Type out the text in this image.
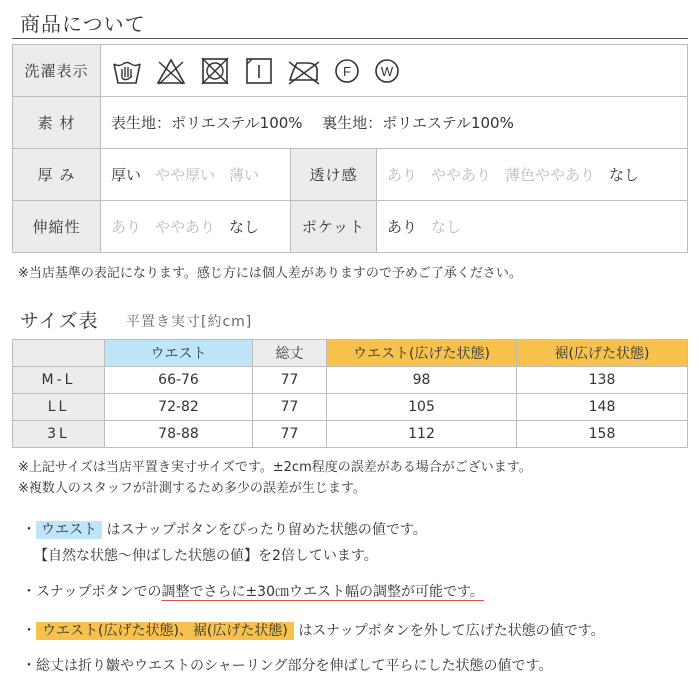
商品について
洗濯表示	F W		

素 材	表生地：ポリエステル100%　 裏生地：ポリエステル100%		
厚 み	厚い やや厚い 薄い	透け感	あり ややあり 薄色ややあり なし
伸縮性	あり ややあり なし	ポケット	あり なし
※当店基準の表記になります。感じ方には個人差がありますので予めご了承ください。
サイズ表 平置き実寸[約cm]
	ウエスト	総丈	ウエスト(広げた状態)	裾(広げた状態)
M-L	66-76	77	98	138
LL	72-82	77	105	148
3L	78-88	77	112	158
※上記サイズは当店平置き実寸サイズです。±2cm程度の誤差がある場合がございます。
※複数人のスタッフが計測するため多少の誤差が生じます。
・ ウエスト はスナップボタンをぴったり留めた状態の値です。
【自然な状態～伸ばした状態の値】を2倍しています。
・スナップボタンでの調整でさらに±30㎝ウエスト幅の調整が可能です。
・ ウエスト(広げた状態)、裾(広げた状態) はスナップボタンを外して広げた状態の値です。
・総丈は折り皺やウエストのシャーリング部分を伸ばして平らにした状態の値です。
